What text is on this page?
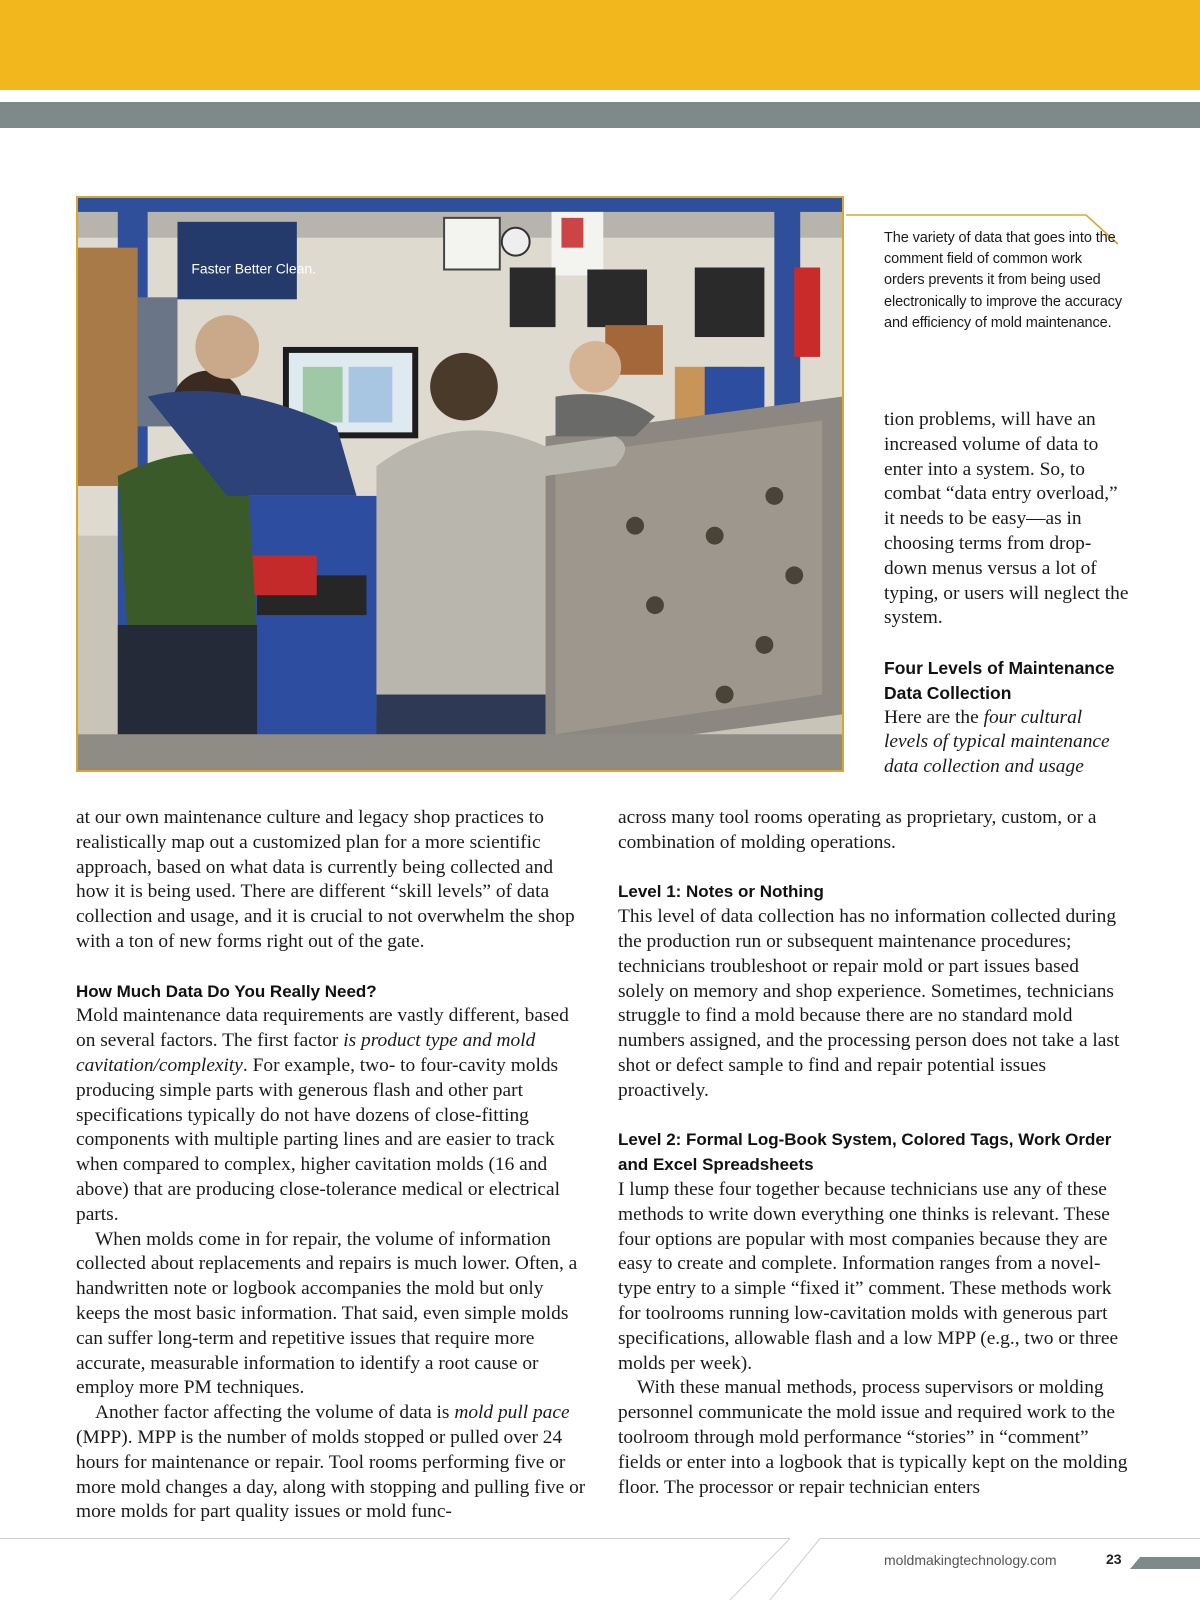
Faster Better Clean.
The variety of data that goes into the comment field of common work orders prevents it from being used electronically to improve the accuracy and efficiency of mold maintenance.

tion problems, will have an increased volume of data to enter into a system. So, to combat “data entry overload,” it needs to be easy—as in choosing terms from drop-down menus versus a lot of typing, or users will neglect the system.

Four Levels of Maintenance Data Collection

Here are the four cultural levels of typical maintenance data collection and usage

at our own maintenance culture and legacy shop practices to realistically map out a customized plan for a more scientific approach, based on what data is currently being collected and how it is being used. There are different “skill levels” of data collection and usage, and it is crucial to not overwhelm the shop with a ton of new forms right out of the gate.

How Much Data Do You Really Need?

Mold maintenance data requirements are vastly different, based on several factors. The first factor is product type and mold cavitation/complexity. For example, two- to four-cavity molds producing simple parts with generous flash and other part specifications typically do not have dozens of close-fitting components with multiple parting lines and are easier to track when compared to complex, higher cavitation molds (16 and above) that are producing close-tolerance medical or electrical parts.

When molds come in for repair, the volume of information collected about replacements and repairs is much lower. Often, a handwritten note or logbook accompanies the mold but only keeps the most basic information. That said, even simple molds can suffer long-term and repetitive issues that require more accurate, measurable information to identify a root cause or employ more PM techniques.

Another factor affecting the volume of data is mold pull pace (MPP). MPP is the number of molds stopped or pulled over 24 hours for maintenance or repair. Tool rooms performing five or more mold changes a day, along with stopping and pulling five or more molds for part quality issues or mold func-

across many tool rooms operating as proprietary, custom, or a combination of molding operations.

Level 1: Notes or Nothing

This level of data collection has no information collected during the production run or subsequent maintenance procedures; technicians troubleshoot or repair mold or part issues based solely on memory and shop experience. Sometimes, technicians struggle to find a mold because there are no standard mold numbers assigned, and the processing person does not take a last shot or defect sample to find and repair potential issues proactively.

Level 2: Formal Log-Book System, Colored Tags, Work Order and Excel Spreadsheets

I lump these four together because technicians use any of these methods to write down everything one thinks is relevant. These four options are popular with most companies because they are easy to create and complete. Information ranges from a novel-type entry to a simple “fixed it” comment. These methods work for toolrooms running low-cavitation molds with generous part specifications, allowable flash and a low MPP (e.g., two or three molds per week).

With these manual methods, process supervisors or molding personnel communicate the mold issue and required work to the toolroom through mold performance “stories” in “comment” fields or enter into a logbook that is typically kept on the molding floor. The processor or repair technician enters

moldmakingtechnology.com	23
